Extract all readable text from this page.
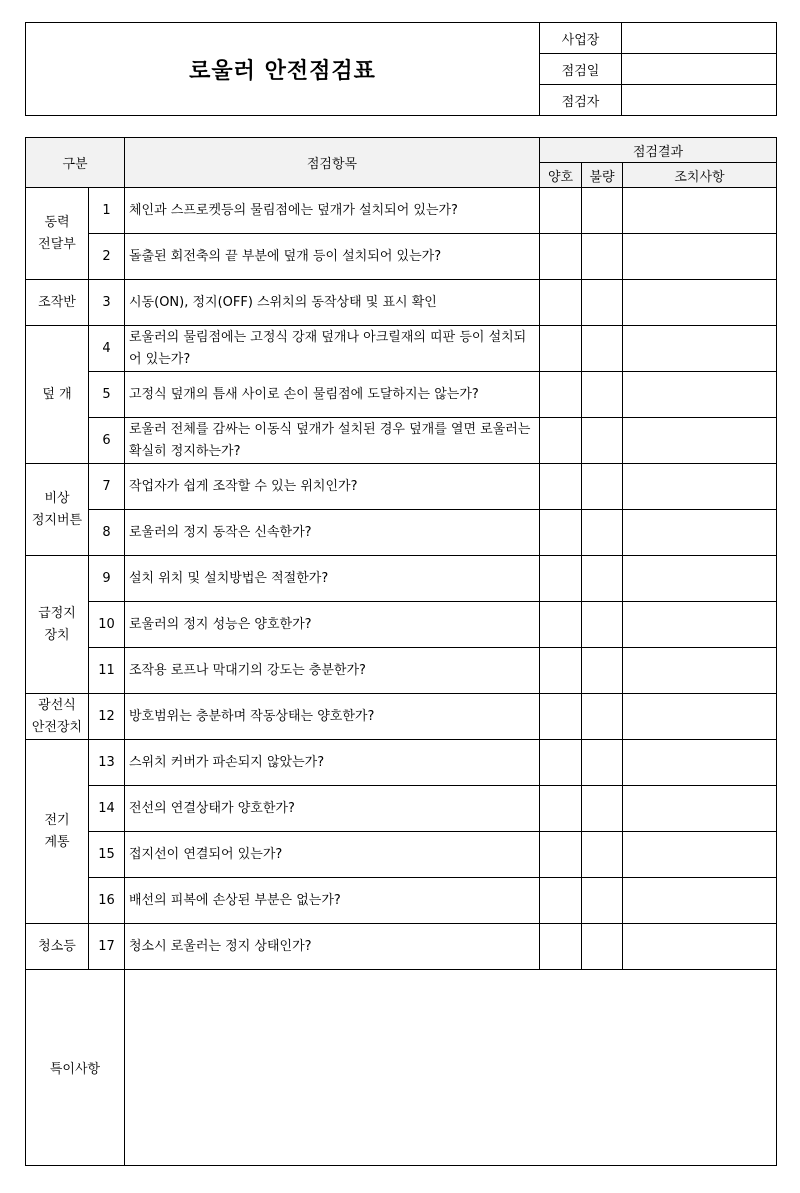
로울러 안전점검표	사업장	
	점검일	
	점검자	
구분		점검항목	점검결과		
			양호	불량	조치사항
동력
전달부	1	체인과 스프로켓등의 물림점에는 덮개가 설치되어 있는가?			
	2	돌출된 회전축의 끝 부분에 덮개 등이 설치되어 있는가?			
조작반	3	시동(ON), 정지(OFF) 스위치의 동작상태 및 표시 확인			
덮 개	4	로울러의 물림점에는 고정식 강재 덮개나 아크릴재의 띠판 등이 설치되어 있는가?			
	5	고정식 덮개의 틈새 사이로 손이 물림점에 도달하지는 않는가?			
	6	로울러 전체를 감싸는 이동식 덮개가 설치된 경우 덮개를 열면 로울러는 확실히 정지하는가?			
비상
정지버튼	7	작업자가 쉽게 조작할 수 있는 위치인가?			
	8	로울러의 정지 동작은 신속한가?			
급정지
장치	9	설치 위치 및 설치방법은 적절한가?			
	10	로울러의 정지 성능은 양호한가?			
	11	조작용 로프나 막대기의 강도는 충분한가?			
광선식
안전장치	12	방호범위는 충분하며 작동상태는 양호한가?			
전기
계통	13	스위치 커버가 파손되지 않았는가?			
	14	전선의 연결상태가 양호한가?			
	15	접지선이 연결되어 있는가?			
	16	배선의 피복에 손상된 부분은 없는가?			
청소등	17	청소시 로울러는 정지 상태인가?			
특이사항					
